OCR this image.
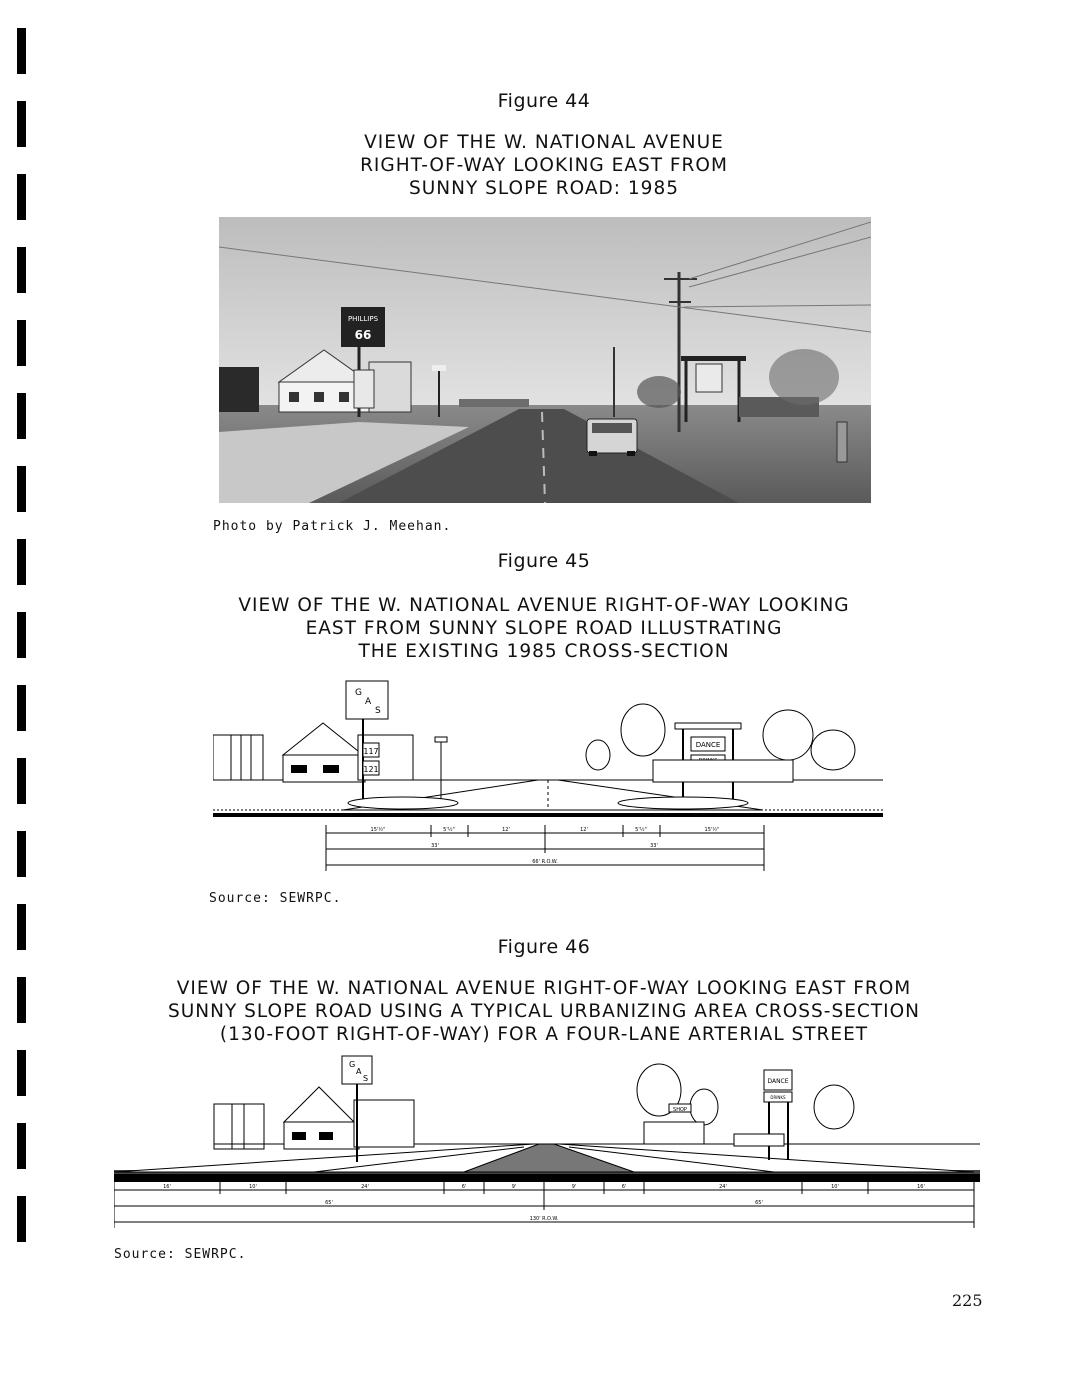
Figure 44
VIEW OF THE W. NATIONAL AVENUE
RIGHT-OF-WAY LOOKING EAST FROM
SUNNY SLOPE ROAD: 1985
PHILLIPS
66
Photo by Patrick J. Meehan.
Figure 45
VIEW OF THE W. NATIONAL AVENUE RIGHT-OF-WAY LOOKING
EAST FROM SUNNY SLOPE ROAD ILLUSTRATING
THE EXISTING 1985 CROSS-SECTION
G
A
S
117
121
DANCE
15'½"	5'½"	12'	12'	5'½"	15'½"
33'	33'
66' R.O.W.
Source: SEWRPC.
Figure 46
VIEW OF THE W. NATIONAL AVENUE RIGHT-OF-WAY LOOKING EAST FROM
SUNNY SLOPE ROAD USING A TYPICAL URBANIZING AREA CROSS-SECTION
(130-FOOT RIGHT-OF-WAY) FOR A FOUR-LANE ARTERIAL STREET
G
A
S
SHOP
DANCE
DRINKS
16'	10'	24'	6'	9'	9'	6'	24'	10'	16'
65'	65'
130' R.O.W.
Source: SEWRPC.
225
